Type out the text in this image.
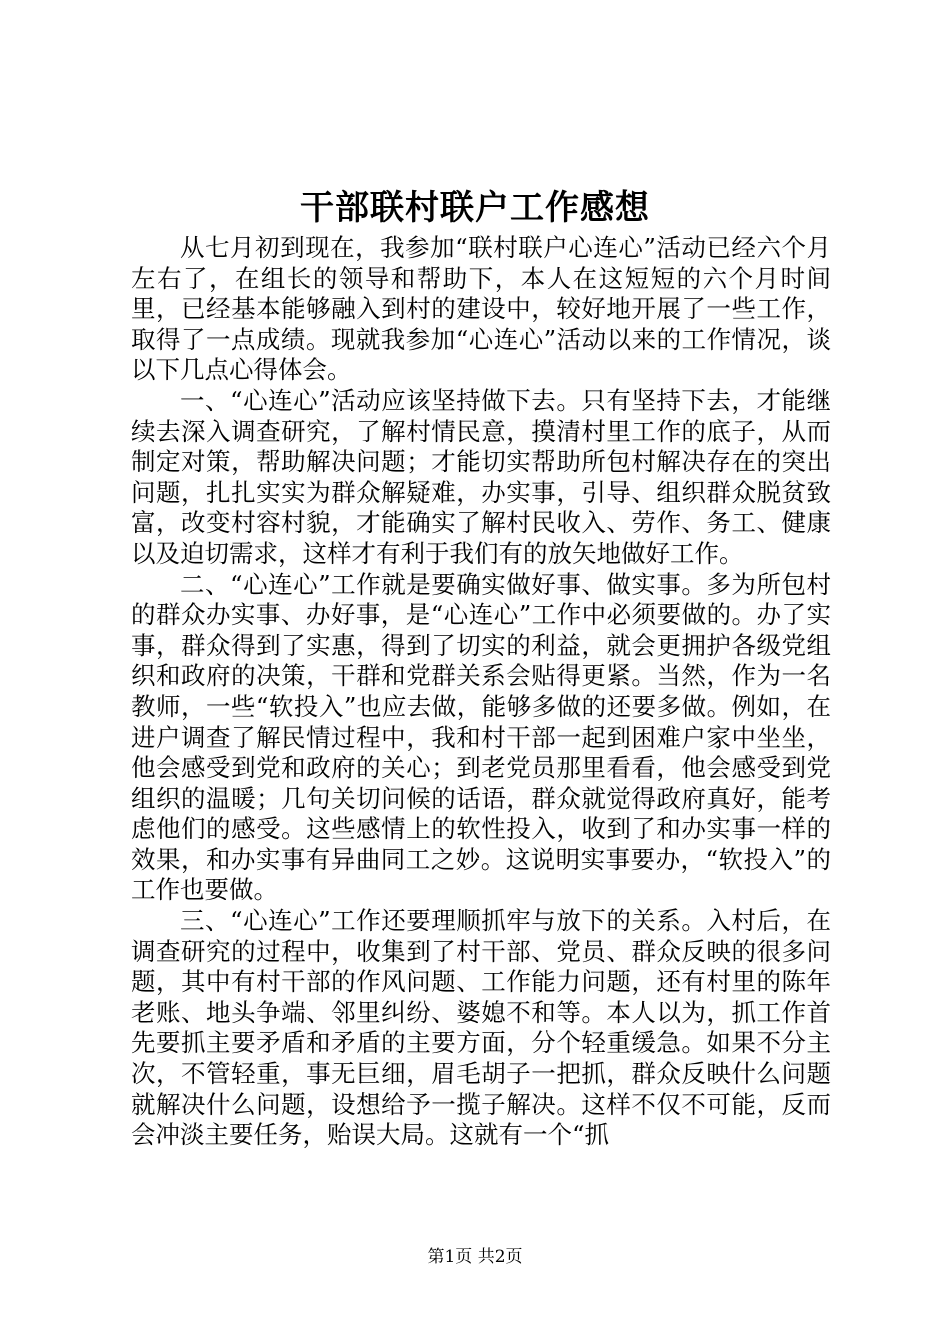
干部联村联户工作感想

从七月初到现在，我参加“联村联户心连心”活动已经六个月左右了，在组长的领导和帮助下，本人在这短短的六个月时间里，已经基本能够融入到村的建设中，较好地开展了一些工作，取得了一点成绩。现就我参加“心连心”活动以来的工作情况，谈以下几点心得体会。

一、“心连心”活动应该坚持做下去。只有坚持下去，才能继续去深入调查研究，了解村情民意，摸清村里工作的底子，从而制定对策，帮助解决问题；才能切实帮助所包村解决存在的突出问题，扎扎实实为群众解疑难，办实事，引导、组织群众脱贫致富，改变村容村貌，才能确实了解村民收入、劳作、务工、健康以及迫切需求，这样才有利于我们有的放矢地做好工作。

二、“心连心”工作就是要确实做好事、做实事。多为所包村的群众办实事、办好事，是“心连心”工作中必须要做的。办了实事，群众得到了实惠，得到了切实的利益，就会更拥护各级党组织和政府的决策，干群和党群关系会贴得更紧。当然，作为一名教师，一些“软投入”也应去做，能够多做的还要多做。例如，在进户调查了解民情过程中，我和村干部一起到困难户家中坐坐，他会感受到党和政府的关心；到老党员那里看看，他会感受到党组织的温暖；几句关切问候的话语，群众就觉得政府真好，能考虑他们的感受。这些感情上的软性投入，收到了和办实事一样的效果，和办实事有异曲同工之妙。这说明实事要办，“软投入”的工作也要做。

三、“心连心”工作还要理顺抓牢与放下的关系。入村后，在调查研究的过程中，收集到了村干部、党员、群众反映的很多问题，其中有村干部的作风问题、工作能力问题，还有村里的陈年老账、地头争端、邻里纠纷、婆媳不和等。本人以为，抓工作首先要抓主要矛盾和矛盾的主要方面，分个轻重缓急。如果不分主次，不管轻重，事无巨细，眉毛胡子一把抓，群众反映什么问题就解决什么问题，设想给予一揽子解决。这样不仅不可能，反而会冲淡主要任务，贻误大局。这就有一个“抓

第1页 共2页
